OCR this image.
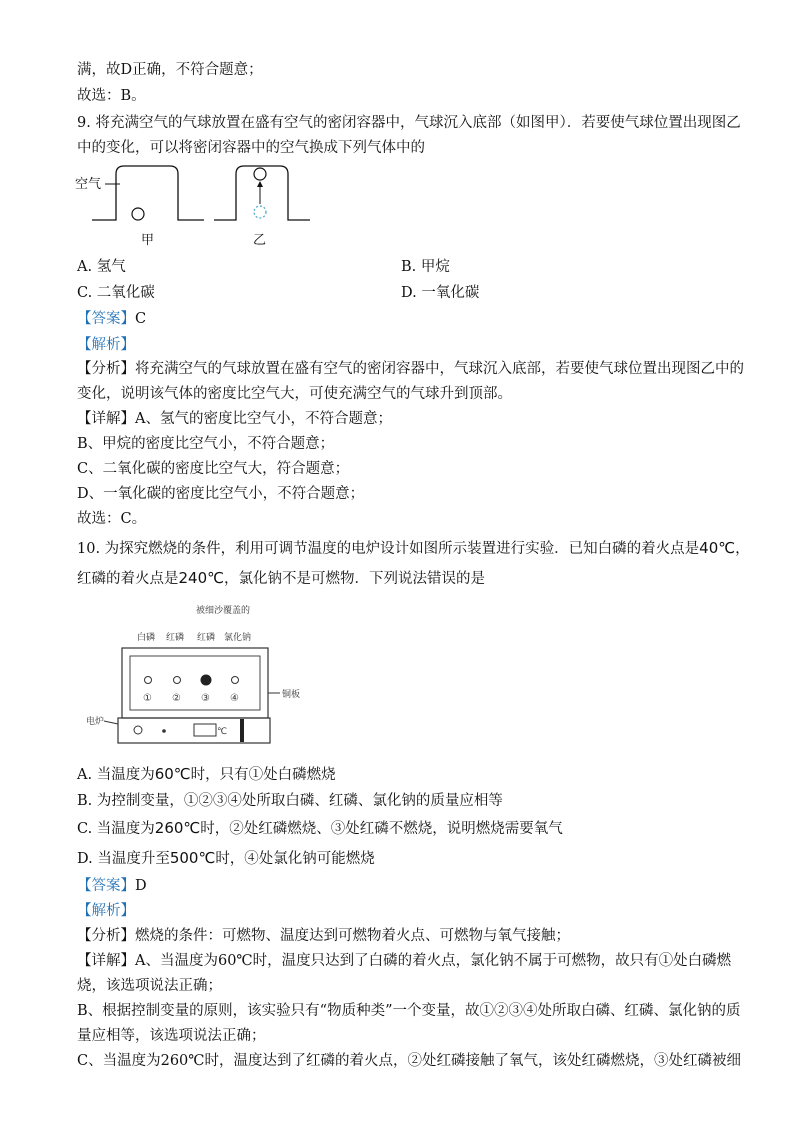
满，故D正确，不符合题意；
故选：B。
9. 将充满空气的气球放置在盛有空气的密闭容器中，气球沉入底部（如图甲）．若要使气球位置出现图乙
中的变化，可以将密闭容器中的空气换成下列气体中的
空气
甲	乙
A. 氢气	B. 甲烷
C. 二氧化碳	D. 一氧化碳
【答案】C
【解析】
【分析】将充满空气的气球放置在盛有空气的密闭容器中，气球沉入底部，若要使气球位置出现图乙中的
变化，说明该气体的密度比空气大，可使充满空气的气球升到顶部。
【详解】A、氢气的密度比空气小，不符合题意；
B、甲烷的密度比空气小，不符合题意；
C、二氧化碳的密度比空气大，符合题意；
D、一氧化碳的密度比空气小，不符合题意；
故选：C。
10. 为探究燃烧的条件，利用可调节温度的电炉设计如图所示装置进行实验．已知白磷的着火点是40℃，
红磷的着火点是240℃，氯化钠不是可燃物．下列说法错误的是
被细沙覆盖的
白磷 红磷 红磷 氯化钠
① ② ③ ④	铜板
电炉
℃
A. 当温度为60℃时，只有①处白磷燃烧
B. 为控制变量，①②③④处所取白磷、红磷、氯化钠的质量应相等
C. 当温度为260℃时，②处红磷燃烧、③处红磷不燃烧，说明燃烧需要氧气
D. 当温度升至500℃时，④处氯化钠可能燃烧
【答案】D
【解析】
【分析】燃烧的条件：可燃物、温度达到可燃物着火点、可燃物与氧气接触；
【详解】A、当温度为60℃时，温度只达到了白磷的着火点，氯化钠不属于可燃物，故只有①处白磷燃
烧，该选项说法正确；
B、根据控制变量的原则，该实验只有“物质种类”一个变量，故①②③④处所取白磷、红磷、氯化钠的质
量应相等，该选项说法正确；
C、当温度为260℃时，温度达到了红磷的着火点，②处红磷接触了氧气，该处红磷燃烧，③处红磷被细
